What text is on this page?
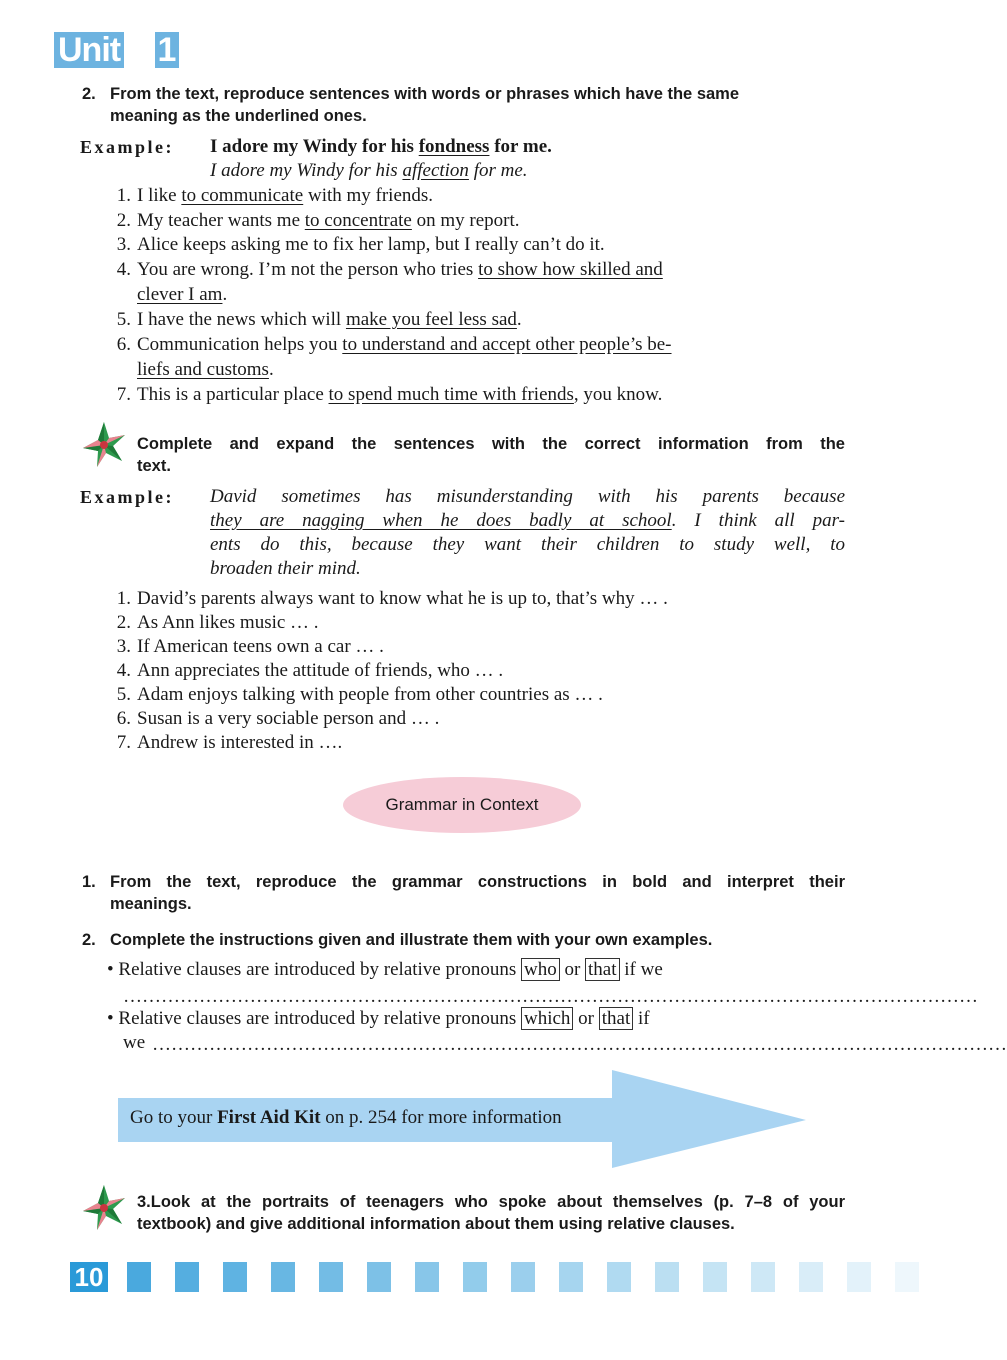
Unit 1
2. From the text, reproduce sentences with words or phrases which have the same
meaning as the underlined ones.
Example: I adore my Windy for his fondness for me.
I adore my Windy for his affection for me.
1. I like to communicate with my friends.
2. My teacher wants me to concentrate on my report.
3. Alice keeps asking me to fix her lamp, but I really can’t do it.
4. You are wrong. I’m not the person who tries to show how skilled and
clever I am.
5. I have the news which will make you feel less sad.
6. Communication helps you to understand and accept other people’s be-
liefs and customs.
7. This is a particular place to spend much time with friends, you know.
Complete and expand the sentences with the correct information from the
text.
Example: David sometimes has misunderstanding with his parents because
they are nagging when he does badly at school. I think all par-
ents do this, because they want their children to study well, to
broaden their mind.
1. David’s parents always want to know what he is up to, that’s why … .
2. As Ann likes music … .
3. If American teens own a car … .
4. Ann appreciates the attitude of friends, who … .
5. Adam enjoys talking with people from other countries as … .
6. Susan is a very sociable person and … .
7. Andrew is interested in ….
Grammar in Context
1. From the text, reproduce the grammar constructions in bold and interpret their
meanings.
2. Complete the instructions given and illustrate them with your own examples.
• Relative clauses are introduced by relative pronouns who or that if we
………………………………………………………………………………………………………………………
• Relative clauses are introduced by relative pronouns which or that if
we ………………………………………………………………………………………………………………………
Go to your First Aid Kit on p. 254 for more information
3.Look at the portraits of teenagers who spoke about themselves (p. 7–8 of your
textbook) and give additional information about them using relative clauses.
10
